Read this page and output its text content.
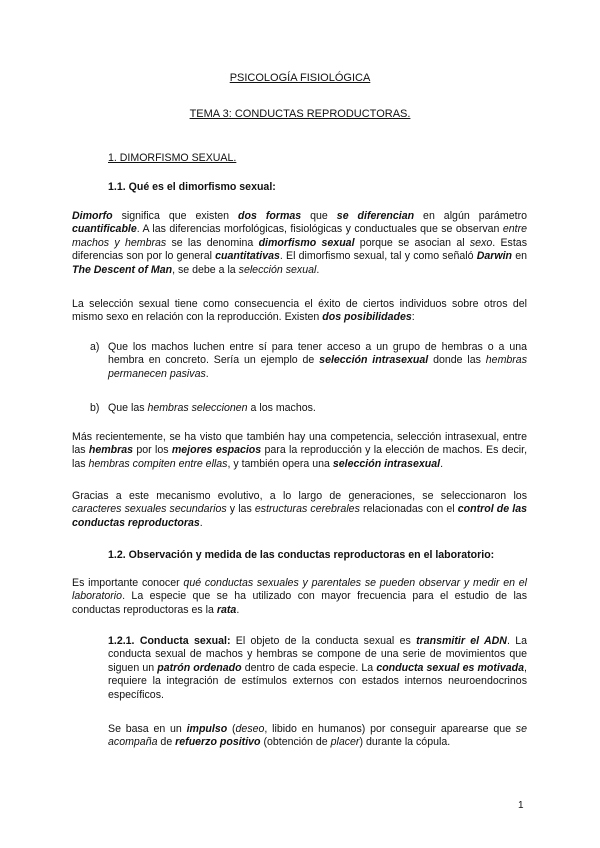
PSICOLOGÍA FISIOLÓGICA
TEMA 3: CONDUCTAS REPRODUCTORAS.
1. DIMORFISMO SEXUAL.
1.1. Qué es el dimorfismo sexual:
Dimorfo significa que existen dos formas que se diferencian en algún parámetro cuantificable. A las diferencias morfológicas, fisiológicas y conductuales que se observan entre machos y hembras se las denomina dimorfismo sexual porque se asocian al sexo. Estas diferencias son por lo general cuantitativas. El dimorfismo sexual, tal y como señaló Darwin en The Descent of Man, se debe a la selección sexual.
La selección sexual tiene como consecuencia el éxito de ciertos individuos sobre otros del mismo sexo en relación con la reproducción. Existen dos posibilidades:
a) Que los machos luchen entre sí para tener acceso a un grupo de hembras o a una hembra en concreto. Sería un ejemplo de selección intrasexual donde las hembras permanecen pasivas.
b) Que las hembras seleccionen a los machos.
Más recientemente, se ha visto que también hay una competencia, selección intrasexual, entre las hembras por los mejores espacios para la reproducción y la elección de machos. Es decir, las hembras compiten entre ellas, y también opera una selección intrasexual.
Gracias a este mecanismo evolutivo, a lo largo de generaciones, se seleccionaron los caracteres sexuales secundarios y las estructuras cerebrales relacionadas con el control de las conductas reproductoras.
1.2. Observación y medida de las conductas reproductoras en el laboratorio:
Es importante conocer qué conductas sexuales y parentales se pueden observar y medir en el laboratorio. La especie que se ha utilizado con mayor frecuencia para el estudio de las conductas reproductoras es la rata.
1.2.1. Conducta sexual: El objeto de la conducta sexual es transmitir el ADN. La conducta sexual de machos y hembras se compone de una serie de movimientos que siguen un patrón ordenado dentro de cada especie. La conducta sexual es motivada, requiere la integración de estímulos externos con estados internos neuroendocrinos específicos.
Se basa en un impulso (deseo, libido en humanos) por conseguir aparearse que se acompaña de refuerzo positivo (obtención de placer) durante la cópula.
1
